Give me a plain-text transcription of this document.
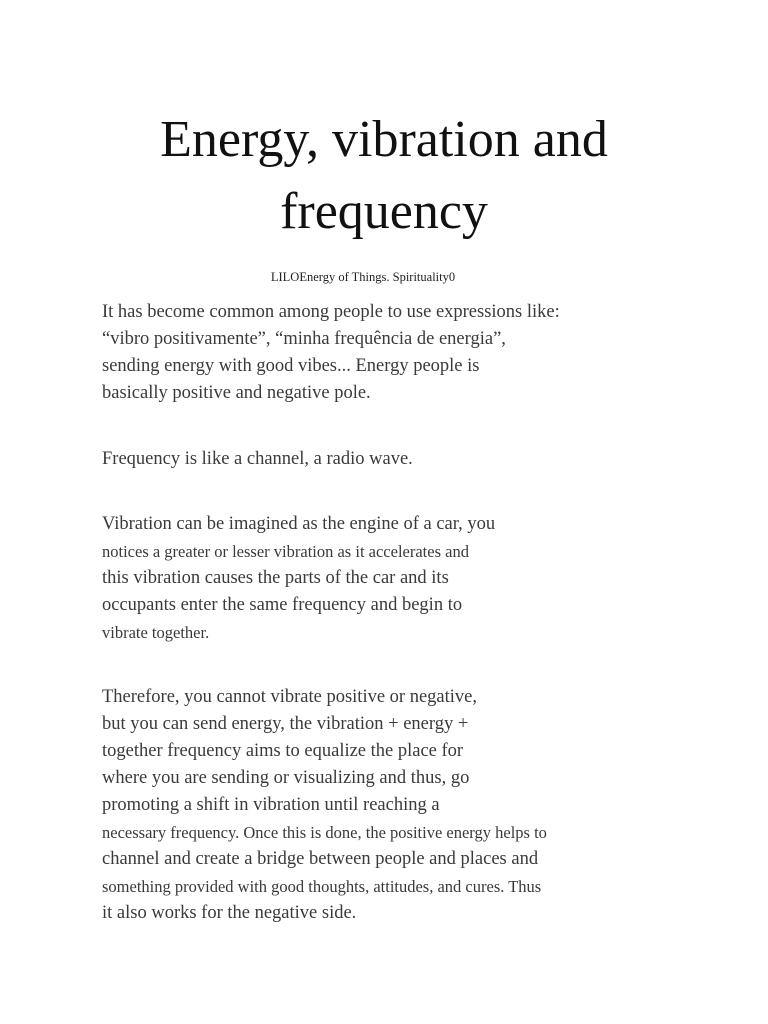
Energy, vibration and
frequency
LILOEnergy of Things. Spirituality0

It has become common among people to use expressions like:
“vibro positivamente”, “minha frequência de energia”,
sending energy with good vibes... Energy people is
basically positive and negative pole.

Frequency is like a channel, a radio wave.

Vibration can be imagined as the engine of a car, you
notices a greater or lesser vibration as it accelerates and
this vibration causes the parts of the car and its
occupants enter the same frequency and begin to
vibrate together.

Therefore, you cannot vibrate positive or negative,
but you can send energy, the vibration + energy +
together frequency aims to equalize the place for
where you are sending or visualizing and thus, go
promoting a shift in vibration until reaching a
necessary frequency. Once this is done, the positive energy helps to
channel and create a bridge between people and places and
something provided with good thoughts, attitudes, and cures. Thus
it also works for the negative side.
